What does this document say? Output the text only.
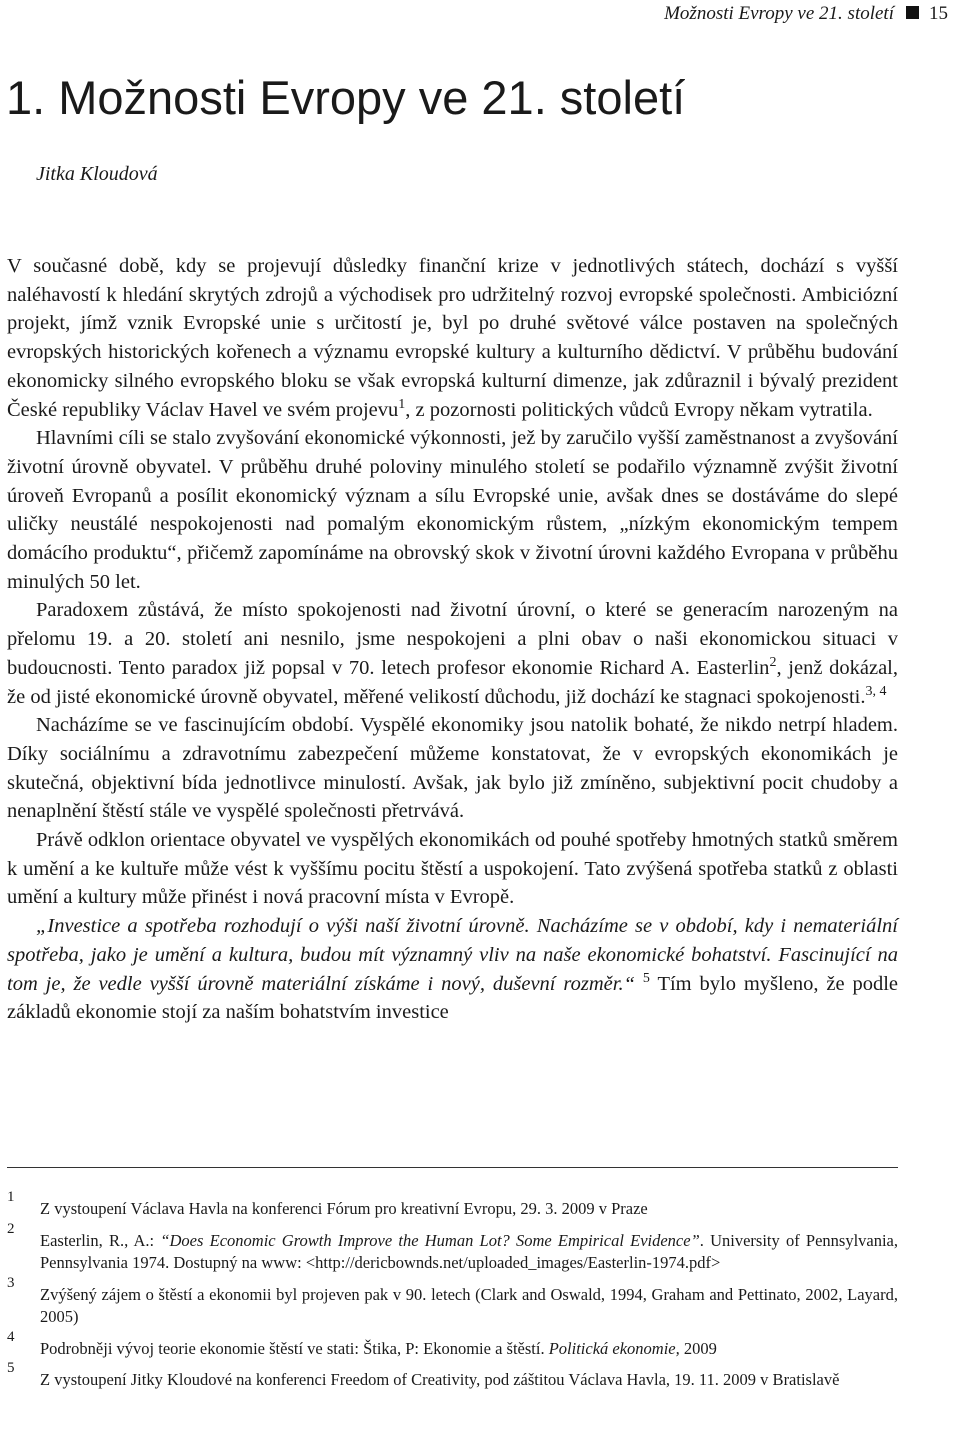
Možnosti Evropy ve 21. století 15
1. Možnosti Evropy ve 21. století
Jitka Kloudová

V současné době, kdy se projevují důsledky finanční krize v jednotlivých státech, dochází s vyšší naléhavostí k hledání skrytých zdrojů a východisek pro udržitelný rozvoj evropské společnosti. Ambiciózní projekt, jímž vznik Evropské unie s určitostí je, byl po druhé světové válce postaven na společných evropských historických kořenech a významu evropské kultury a kulturního dědictví. V průběhu budování ekonomicky silného evropského bloku se však evropská kulturní dimenze, jak zdůraznil i bývalý prezident České republiky Václav Havel ve svém projevu$^1$, z pozornosti politických vůdců Evropy někam vytratila.

Hlavními cíli se stalo zvyšování ekonomické výkonnosti, jež by zaručilo vyšší zaměstnanost a zvyšování životní úrovně obyvatel. V průběhu druhé poloviny minulého století se podařilo významně zvýšit životní úroveň Evropanů a posílit ekonomický význam a sílu Evropské unie, avšak dnes se dostáváme do slepé uličky neustálé nespokojenosti nad pomalým ekonomickým růstem, „nízkým ekonomickým tempem domácího produktu“, přičemž zapomínáme na obrovský skok v životní úrovni každého Evropana v průběhu minulých 50 let.

Paradoxem zůstává, že místo spokojenosti nad životní úrovní, o které se generacím narozeným na přelomu 19. a 20. století ani nesnilo, jsme nespokojeni a plni obav o naši ekonomickou situaci v budoucnosti. Tento paradox již popsal v 70. letech profesor ekonomie Richard A. Easterlin$^2$, jenž dokázal, že od jisté ekonomické úrovně obyvatel, měřené velikostí důchodu, již dochází ke stagnaci spokojenosti.$^{3, 4}$

Nacházíme se ve fascinujícím období. Vyspělé ekonomiky jsou natolik bohaté, že nikdo netrpí hladem. Díky sociálnímu a zdravotnímu zabezpečení můžeme konstatovat, že v evropských ekonomikách je skutečná, objektivní bída jednotlivce minulostí. Avšak, jak bylo již zmíněno, subjektivní pocit chudoby a nenaplnění štěstí stále ve vyspělé společnosti přetrvává.

Právě odklon orientace obyvatel ve vyspělých ekonomikách od pouhé spotřeby hmotných statků směrem k umění a ke kultuře může vést k vyššímu pocitu štěstí a uspokojení. Tato zvýšená spotřeba statků z oblasti umění a kultury může přinést i nová pracovní místa v Evropě.

„Investice a spotřeba rozhodují o výši naší životní úrovně. Nacházíme se v období, kdy i nemateriální spotřeba, jako je umění a kultura, budou mít významný vliv na naše ekonomické bohatství. Fascinující na tom je, že vedle vyšší úrovně materiální získáme i nový, duševní rozměr.“ $^5$ Tím bylo myšleno, že podle základů ekonomie stojí za naším bohatstvím investice

1
Z vystoupení Václava Havla na konferenci Fórum pro kreativní Evropu, 29. 3. 2009 v Praze
2
Easterlin, R., A.: “Does Economic Growth Improve the Human Lot? Some Empirical Evidence”. University of Pennsylvania, Pennsylvania 1974. Dostupný na www: <http://dericbownds.net/uploaded_images/Easterlin-1974.pdf>
3
Zvýšený zájem o štěstí a ekonomii byl projeven pak v 90. letech (Clark and Oswald, 1994, Graham and Pettinato, 2002, Layard, 2005)
4
Podrobněji vývoj teorie ekonomie štěstí ve stati: Štika, P: Ekonomie a štěstí. Politická ekonomie, 2009
5
Z vystoupení Jitky Kloudové na konferenci Freedom of Creativity, pod záštitou Václava Havla, 19. 11. 2009 v Bratislavě
